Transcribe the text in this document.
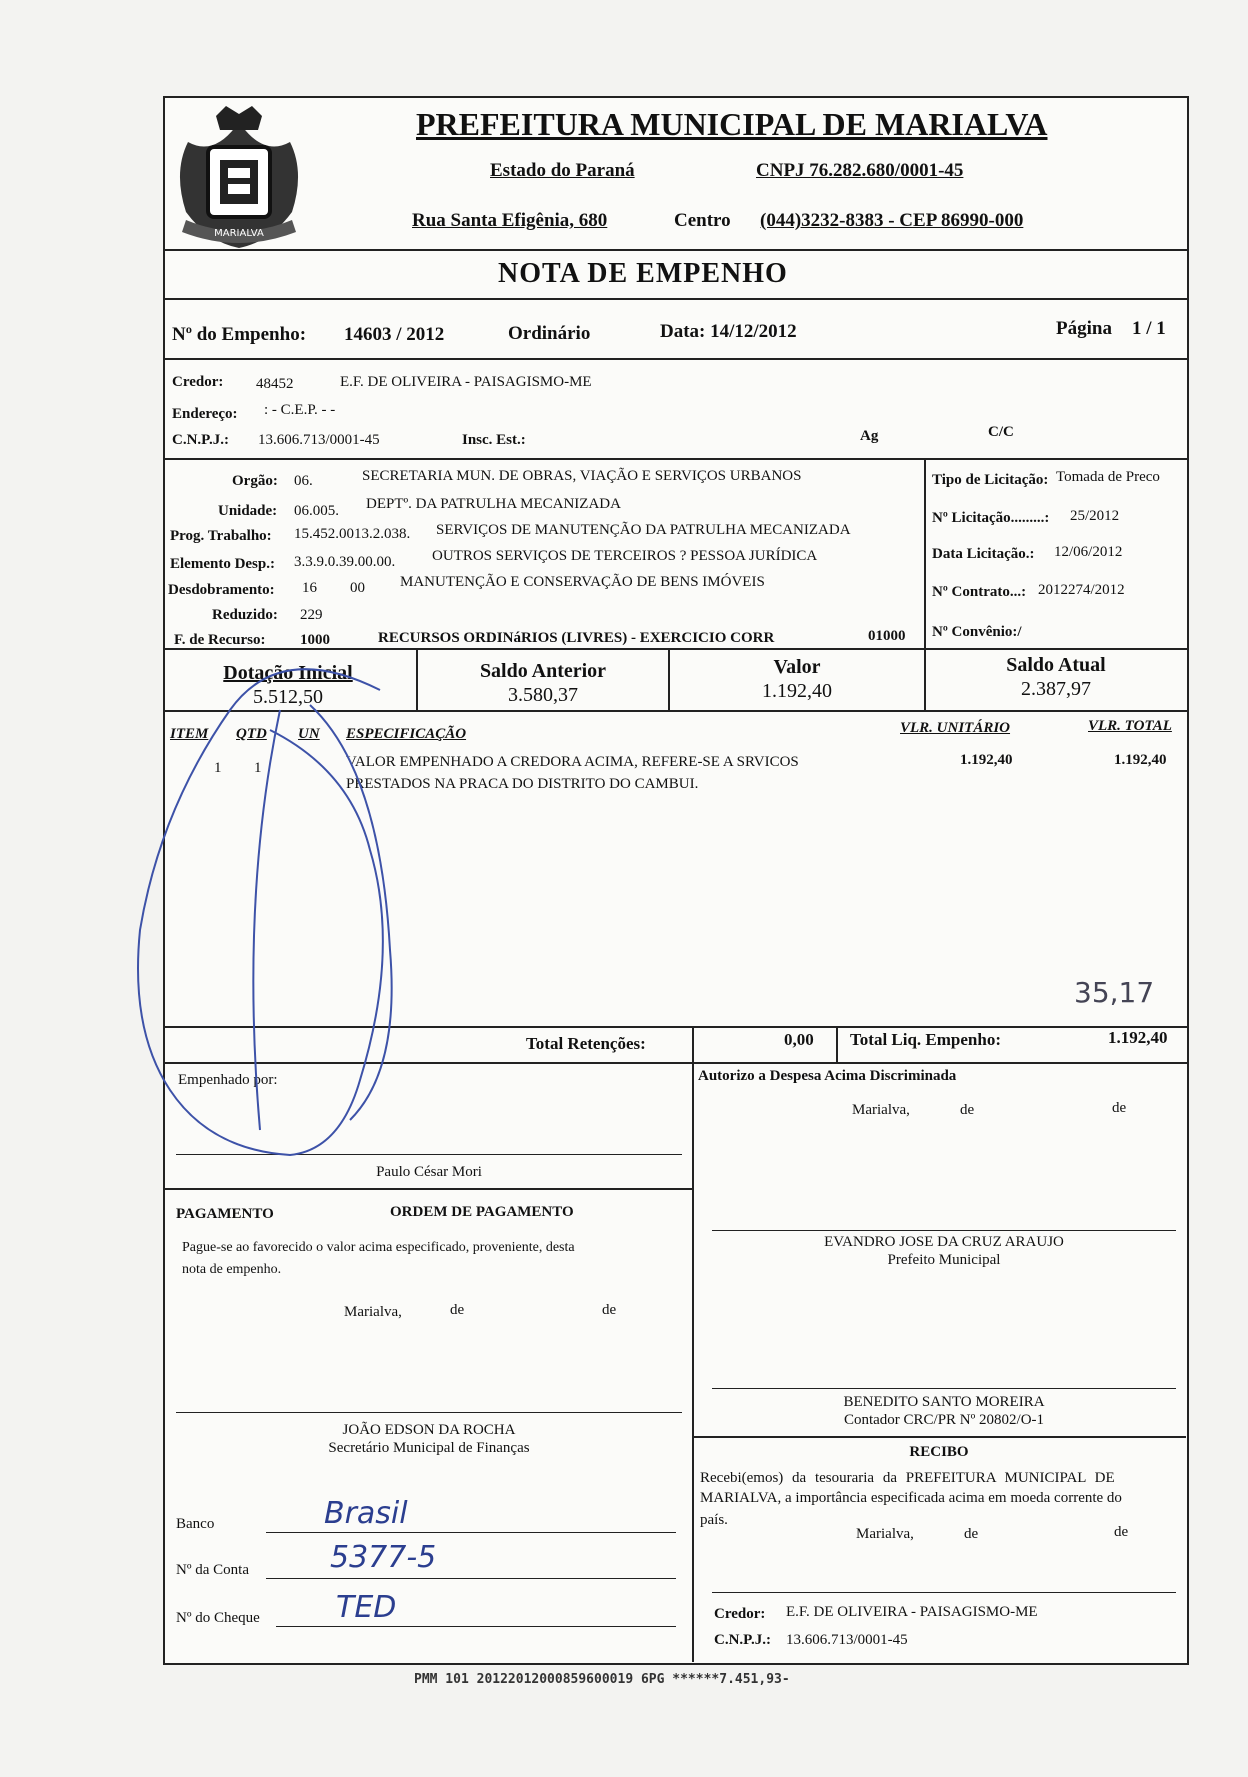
MARIALVA
PREFEITURA MUNICIPAL DE MARIALVA
Estado do Paraná	CNPJ 76.282.680/0001-45
Rua Santa Efigênia, 680	Centro (044)3232-8383 - CEP 86990-000
NOTA DE EMPENHO
Nº do Empenho: 14603 / 2012	Ordinário	Data: 14/12/2012	Página 1 / 1
Credor: 48452	E.F. DE OLIVEIRA - PAISAGISMO-ME
Endereço: : - C.E.P. - -
C.N.P.J.: 13.606.713/0001-45	Insc. Est.:	Ag	C/C
Orgão: 06.	SECRETARIA MUN. DE OBRAS, VIAÇÃO E SERVIÇOS URBANOS
Unidade: 06.005. DEPTº. DA PATRULHA MECANIZADA
Prog. Trabalho: 15.452.0013.2.038. SERVIÇOS DE MANUTENÇÃO DA PATRULHA MECANIZADA
Elemento Desp.: 3.3.9.0.39.00.00. OUTROS SERVIÇOS DE TERCEIROS ? PESSOA JURÍDICA
Desdobramento: 16 00 MANUTENÇÃO E CONSERVAÇÃO DE BENS IMÓVEIS
Reduzido: 229
F. de Recurso: 1000	RECURSOS ORDINáRIOS (LIVRES) - EXERCICIO CORR	01000
Tipo de Licitação: Tomada de Preco
Nº Licitação.........: 25/2012
Data Licitação.: 12/06/2012
Nº Contrato...: 2012274/2012
Nº Convênio:/
Dotação Inicial
5.512,50
Saldo Anterior
3.580,37
Valor
1.192,40
Saldo Atual
2.387,97
ITEM QTD UN ESPECIFICAÇÃO	VLR. UNITÁRIO	VLR. TOTAL
1 1	VALOR EMPENHADO A CREDORA ACIMA, REFERE-SE A SRVICOS
PRESTADOS NA PRACA DO DISTRITO DO CAMBUI.
1.192,40	1.192,40
35,17
Total Retenções:	0,00 Total Liq. Empenho:	1.192,40
Empenhado por:
Paulo César Mori
PAGAMENTO	ORDEM DE PAGAMENTO
Pague-se ao favorecido o valor acima especificado, proveniente, desta
nota de empenho.
Marialva,	de	de
JOÃO EDSON DA ROCHA
Secretário Municipal de Finanças
Banco	Brasil
Nº da Conta	5377-5
Nº do Cheque	TED
Autorizo a Despesa Acima Discriminada
Marialva,	de	de
EVANDRO JOSE DA CRUZ ARAUJO
Prefeito Municipal
BENEDITO SANTO MOREIRA
Contador CRC/PR Nº 20802/O-1
RECIBO
Recebi(emos) da tesouraria da PREFEITURA MUNICIPAL DE
MARIALVA, a importância especificada acima em moeda corrente do
país.
Marialva,	de	de
Credor: E.F. DE OLIVEIRA - PAISAGISMO-ME
C.N.P.J.: 13.606.713/0001-45
PMM 101 20122012000859600019 6PG ******7.451,93-
